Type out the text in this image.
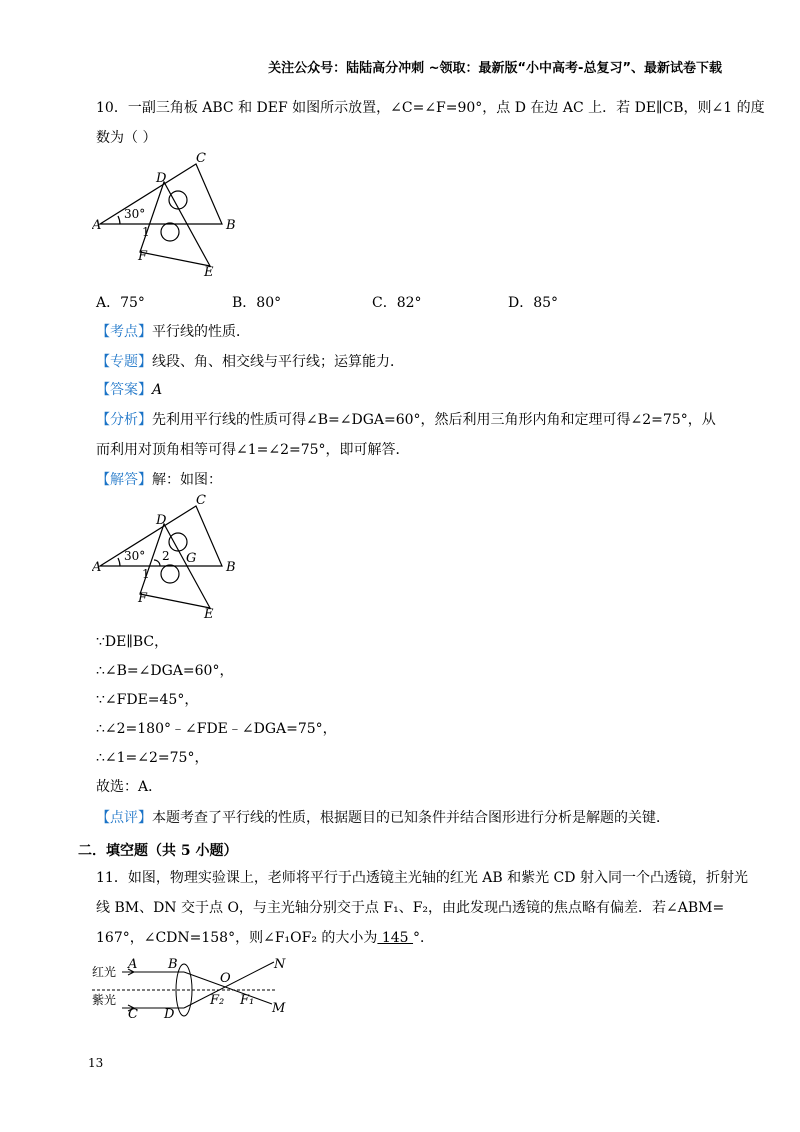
关注公众号：陆陆高分冲刺 ~领取：最新版“小中高考-总复习”、最新试卷下载
10．一副三角板 ABC 和 DEF 如图所示放置，∠C=∠F=90°，点 D 在边 AC 上．若 DE∥CB，则∠1 的度
数为（ ）
A	B
C
D
E
F
30°
1
A．75°	B．80°	C．82°	D．85°
【考点】平行线的性质．
【专题】线段、角、相交线与平行线；运算能力．
【答案】A
【分析】先利用平行线的性质可得∠B=∠DGA=60°，然后利用三角形内角和定理可得∠2=75°，从
而利用对顶角相等可得∠1=∠2=75°，即可解答．
【解答】解：如图：
A	B
C
D
E
F
G
30°
1
2
∵DE∥BC，
∴∠B=∠DGA=60°，
∵∠FDE=45°，
∴∠2=180°﹣∠FDE﹣∠DGA=75°，
∴∠1=∠2=75°，
故选：A．
【点评】本题考查了平行线的性质，根据题目的已知条件并结合图形进行分析是解题的关键．
二．填空题（共 5 小题）
11．如图，物理实验课上，老师将平行于凸透镜主光轴的红光 AB 和紫光 CD 射入同一个凸透镜，折射光
线 BM、DN 交于点 O，与主光轴分别交于点 F₁、F₂，由此发现凸透镜的焦点略有偏差．若∠ABM=
167°，∠CDN=158°，则∠F₁OF₂ 的大小为 145 °．
红光
紫光
A B
C D
O
N
M
F₂ F₁
13
